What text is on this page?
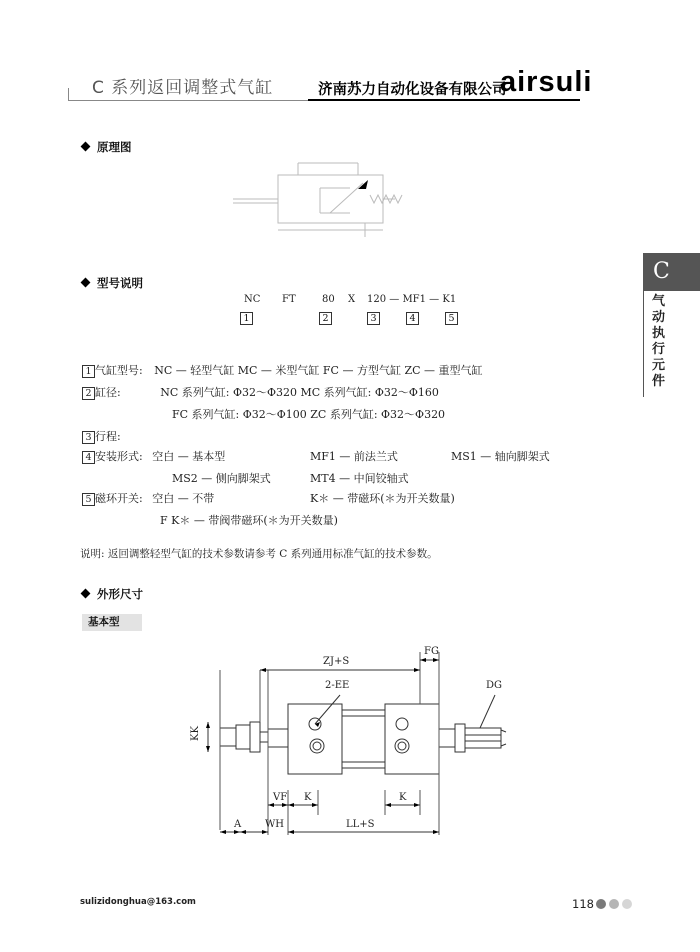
C 系列返回调整式气缸	济南苏力自动化设备有限公司
airsuli
C
气动执行元件
原理图
型号说明
NC FT	80 X 120 — MF1 — K1
1	2	3	4	5
1 气缸型号: NC — 轻型气缸 MC — 米型气缸 FC — 方型气缸 ZC — 重型气缸
2 缸径:	NC 系列气缸: Φ32～Φ320 MC 系列气缸: Φ32～Φ160
FC 系列气缸: Φ32～Φ100 ZC 系列气缸: Φ32～Φ320
3 行程:
4 安装形式: 空白 — 基本型	MF1 — 前法兰式	MS1 — 轴向脚架式
MS2 — 侧向脚架式	MT4 — 中间铰轴式
5 磁环开关: 空白 — 不带	K＊ — 带磁环(＊为开关数量)
F K＊ — 带阀带磁环(＊为开关数量)
说明: 返回调整轻型气缸的技术参数请参考 C 系列通用标准气缸的技术参数。
外形尺寸
基本型
ZJ+S
FG
2-EE	DG
KK
VF K	K
A WH	LL+S
sulizidonghua@163.com	118
